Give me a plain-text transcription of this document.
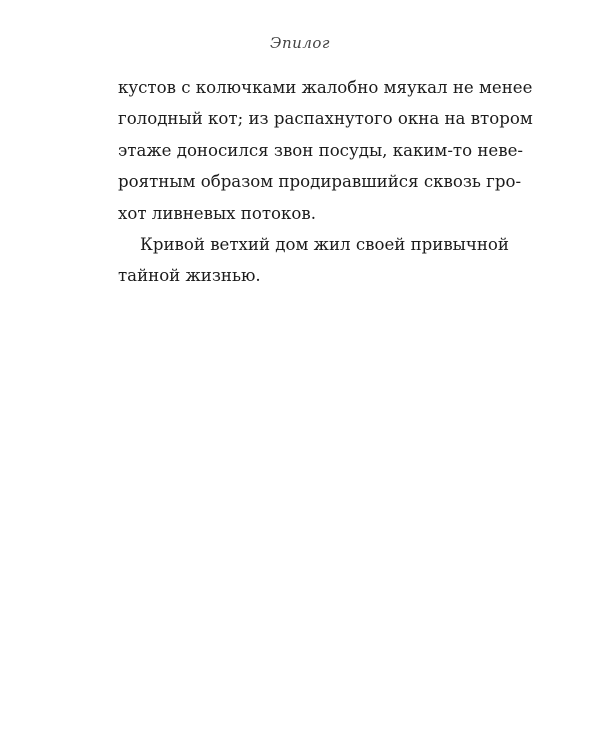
Эпилог
кустов с колючками жалобно мяукал не менее
голодный кот; из распахнутого окна на втором
этаже доносился звон посуды, каким-то неве-
роятным образом продиравшийся сквозь гро-
хот ливневых потоков.
Кривой ветхий дом жил своей привычной
тайной жизнью.
